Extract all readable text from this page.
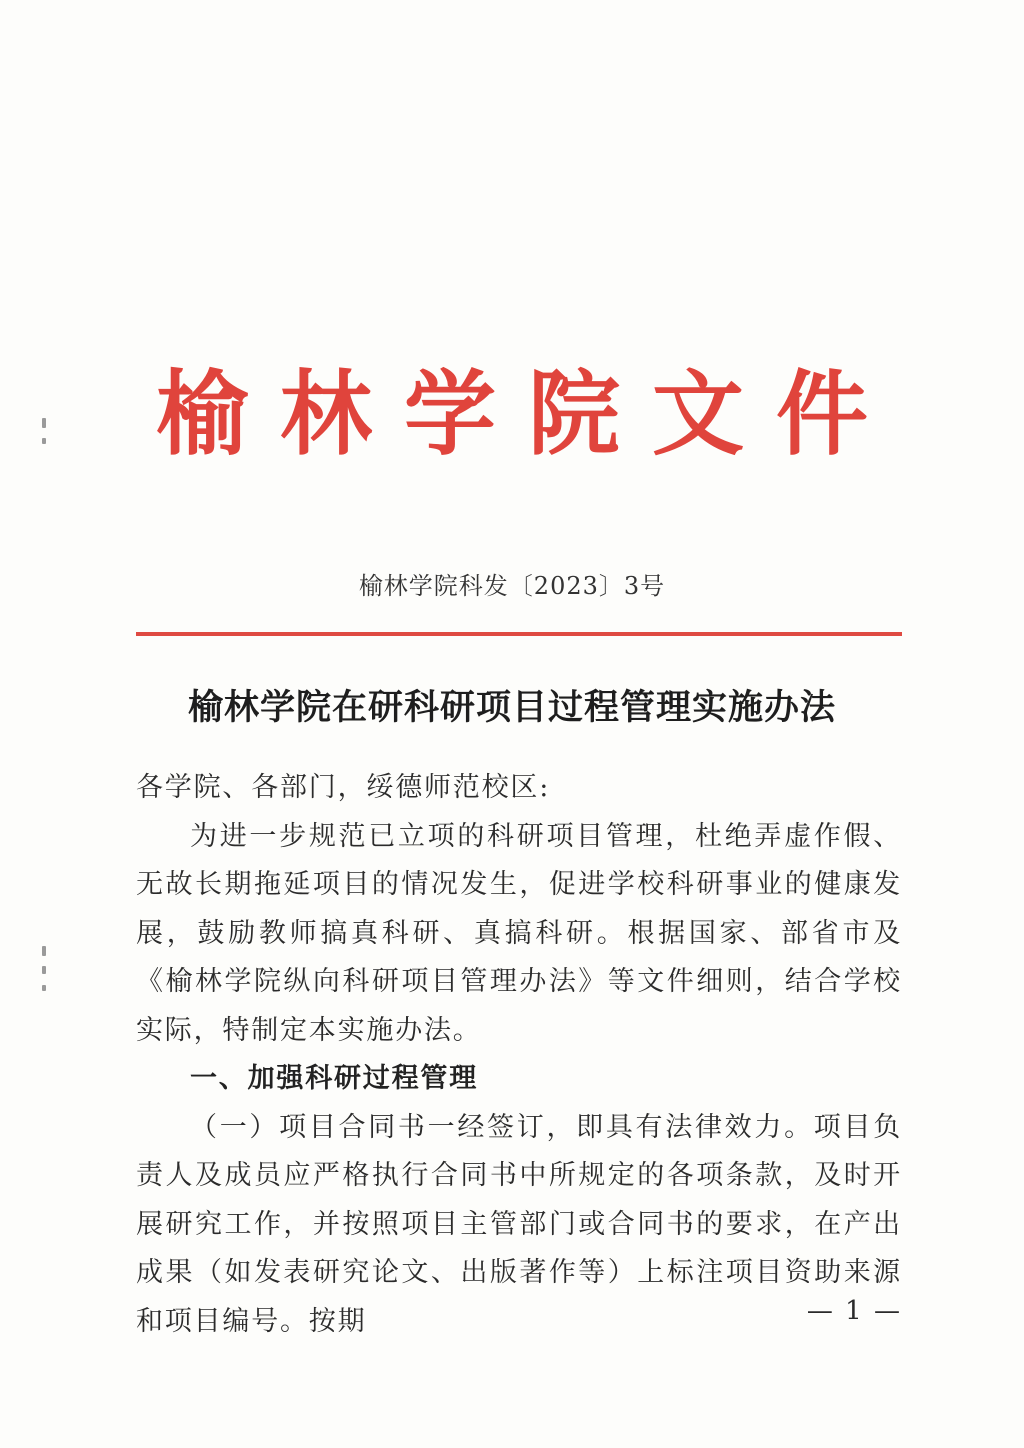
榆 林 学 院 文 件
榆林学院科发〔2023〕3号
榆林学院在研科研项目过程管理实施办法

各学院、各部门，绥德师范校区:

为进一步规范已立项的科研项目管理，杜绝弄虚作假、无故长期拖延项目的情况发生，促进学校科研事业的健康发展，鼓励教师搞真科研、真搞科研。根据国家、部省市及《榆林学院纵向科研项目管理办法》等文件细则，结合学校实际，特制定本实施办法。

一、加强科研过程管理

（一）项目合同书一经签订，即具有法律效力。项目负责人及成员应严格执行合同书中所规定的各项条款，及时开展研究工作，并按照项目主管部门或合同书的要求，在产出成果（如发表研究论文、出版著作等）上标注项目资助来源和项目编号。按期	— 1 —
